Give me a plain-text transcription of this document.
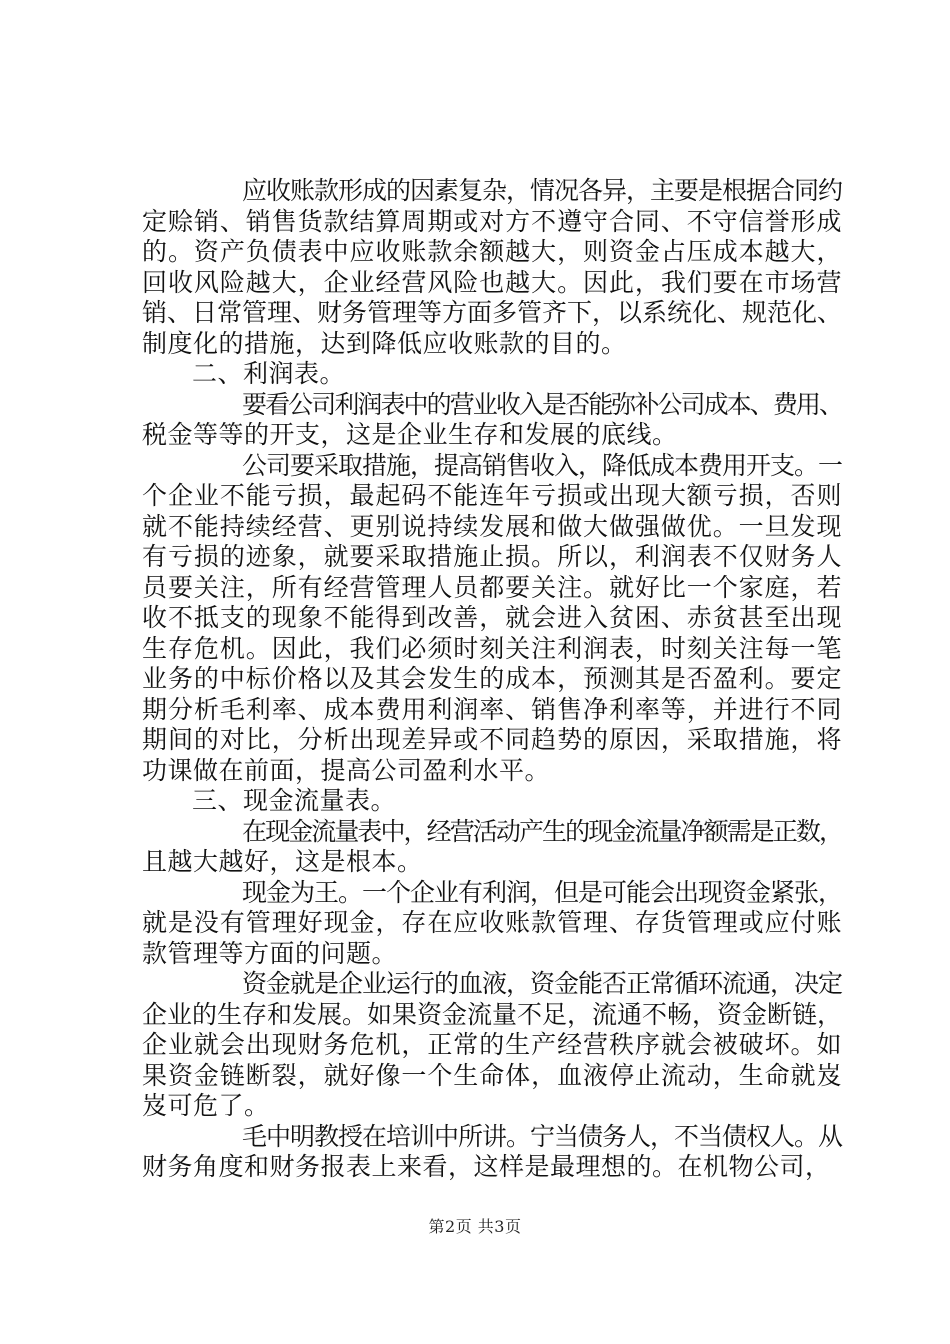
应收账款形成的因素复杂，情况各异，主要是根据合同约
定赊销、销售货款结算周期或对方不遵守合同、不守信誉形成
的。资产负债表中应收账款余额越大，则资金占压成本越大，
回收风险越大，企业经营风险也越大。因此，我们要在市场营
销、日常管理、财务管理等方面多管齐下，以系统化、规范化、
制度化的措施，达到降低应收账款的目的。
二、利润表。
要看公司利润表中的营业收入是否能弥补公司成本、费用、
税金等等的开支，这是企业生存和发展的底线。
公司要采取措施，提高销售收入，降低成本费用开支。一
个企业不能亏损，最起码不能连年亏损或出现大额亏损，否则
就不能持续经营、更别说持续发展和做大做强做优。一旦发现
有亏损的迹象，就要采取措施止损。所以，利润表不仅财务人
员要关注，所有经营管理人员都要关注。就好比一个家庭，若
收不抵支的现象不能得到改善，就会进入贫困、赤贫甚至出现
生存危机。因此，我们必须时刻关注利润表，时刻关注每一笔
业务的中标价格以及其会发生的成本，预测其是否盈利。要定
期分析毛利率、成本费用利润率、销售净利率等，并进行不同
期间的对比，分析出现差异或不同趋势的原因，采取措施，将
功课做在前面，提高公司盈利水平。
三、现金流量表。
在现金流量表中，经营活动产生的现金流量净额需是正数，
且越大越好，这是根本。
现金为王。一个企业有利润，但是可能会出现资金紧张，
就是没有管理好现金，存在应收账款管理、存货管理或应付账
款管理等方面的问题。
资金就是企业运行的血液，资金能否正常循环流通，决定
企业的生存和发展。如果资金流量不足，流通不畅，资金断链，
企业就会出现财务危机，正常的生产经营秩序就会被破坏。如
果资金链断裂，就好像一个生命体，血液停止流动，生命就岌
岌可危了。
毛中明教授在培训中所讲。宁当债务人，不当债权人。从
财务角度和财务报表上来看，这样是最理想的。在机物公司，
第2页 共3页
